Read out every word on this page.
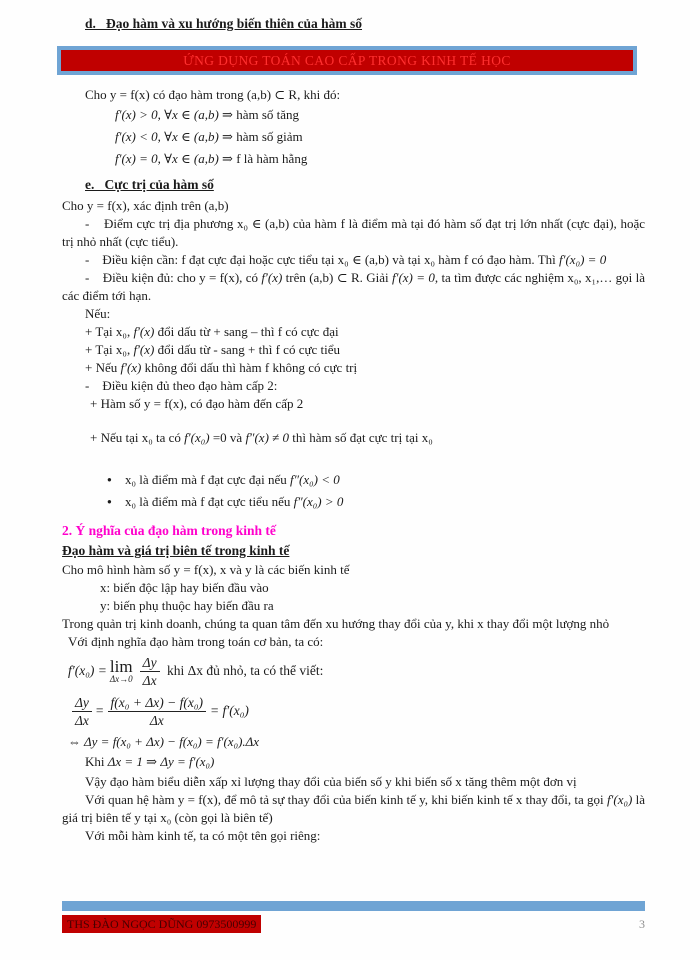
d.   Đạo hàm và xu hướng biến thiên của hàm số
ỨNG DỤNG TOÁN CAO CẤP TRONG KINH TẾ HỌC
Cho y = f(x) có đạo hàm trong (a,b) ⊂ R, khi đó:
f′(x) > 0, ∀x ∈ (a,b) ⇒ hàm số tăng
f′(x) < 0, ∀x ∈ (a,b) ⇒ hàm số giảm
f′(x) = 0, ∀x ∈ (a,b) ⇒ f là hàm hằng
e.   Cực trị của hàm số
Cho y = f(x), xác định trên (a,b)
-    Điểm cực trị địa phương x₀ ∈ (a,b) của hàm f là điểm mà tại đó hàm số đạt trị lớn nhất (cực đại), hoặc trị nhỏ nhất (cực tiểu).
-    Điều kiện cần: f đạt cực đại hoặc cực tiểu tại x₀ ∈ (a,b) và tại x₀ hàm f có đạo hàm. Thì f′(x₀) = 0
-    Điều kiện đủ: cho y = f(x), có f′(x) trên (a,b) ⊂ R. Giải f′(x) = 0, ta tìm được các nghiệm x₀, x₁,… gọi là các điểm tới hạn.
Nếu:
+ Tại x₀, f′(x) đổi dấu từ + sang – thì f có cực đại
+ Tại x₀, f′(x) đổi dấu từ - sang + thì f có cực tiểu
+ Nếu f′(x) không đổi dấu thì hàm f không có cực trị
-    Điều kiện đủ theo đạo hàm cấp 2:
+ Hàm số y = f(x), có đạo hàm đến cấp 2
+ Nếu tại x₀ ta có f′(x₀) =0 và f″(x) ≠ 0 thì hàm số đạt cực trị tại x₀
●	x₀ là điểm mà f đạt cực đại nếu f″(x₀) < 0
●	x₀ là điểm mà f đạt cực tiểu nếu f″(x₀) > 0
2. Ý nghĩa của đạo hàm trong kinh tế
Đạo hàm và giá trị biên tế trong kinh tế
Cho mô hình hàm số y = f(x), x và y là các biến kinh tế
x: biến độc lập hay biến đầu vào
y: biến phụ thuộc hay biến đầu ra
Trong quản trị kinh doanh, chúng ta quan tâm đến xu hướng thay đổi của y, khi x thay đổi một lượng nhỏ
Với định nghĩa đạo hàm trong toán cơ bản, ta có:
f′(x₀) = lim
$\Delta x\to 0 \frac{\Delta y}{\Delta x}$ khi Δx đủ nhỏ, ta có thể viết:
$\frac{\Delta y}{\Delta x} = \frac{\text{f(x₀ + Δx) − f(x₀)}}{\Delta x} = f'(x_0)$
⇔ Δy = f(x₀ + Δx) − f(x₀) = f′(x₀).Δx
Khi Δx = 1 ⇒ Δy = f′(x₀)
Vậy đạo hàm biểu diễn xấp xỉ lượng thay đổi của biến số y khi biến số x tăng thêm một đơn vị
Với quan hệ hàm y = f(x), để mô tả sự thay đổi của biến kinh tế y, khi biến kinh tế x thay đổi, ta gọi f′(x₀) là giá trị biên tế y tại x₀ (còn gọi là biên tế)
Với mỗi hàm kinh tế, ta có một tên gọi riêng:
THS ĐÀO NGỌC DŨNG 0973500999	3
